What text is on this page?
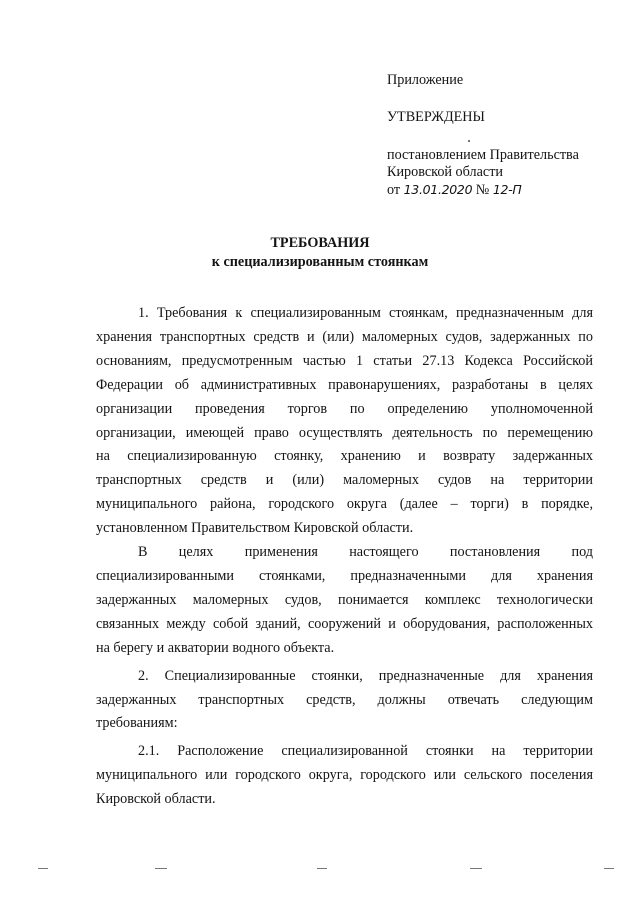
Приложение
УТВЕРЖДЕНЫ
постановлением Правительства
Кировской области
от 13.01.2020 № 12-П
ТРЕБОВАНИЯ
к специализированным стоянкам
1. Требования к специализированным стоянкам, предназначенным для
хранения транспортных средств и (или) маломерных судов, задержанных по
основаниям, предусмотренным частью 1 статьи 27.13 Кодекса Российской
Федерации об административных правонарушениях, разработаны в целях
организации проведения торгов по определению уполномоченной
организации, имеющей право осуществлять деятельность по перемещению
на специализированную стоянку, хранению и возврату задержанных
транспортных средств и (или) маломерных судов на территории
муниципального района, городского округа (далее – торги) в порядке,
установленном Правительством Кировской области.
В целях применения настоящего постановления под
специализированными стоянками, предназначенными для хранения
задержанных маломерных судов, понимается комплекс технологически
связанных между собой зданий, сооружений и оборудования, расположенных
на берегу и акватории водного объекта.
2. Специализированные стоянки, предназначенные для хранения
задержанных транспортных средств, должны отвечать следующим
требованиям:
2.1. Расположение специализированной стоянки на территории
муниципального или городского округа, городского или сельского поселения
Кировской области.
